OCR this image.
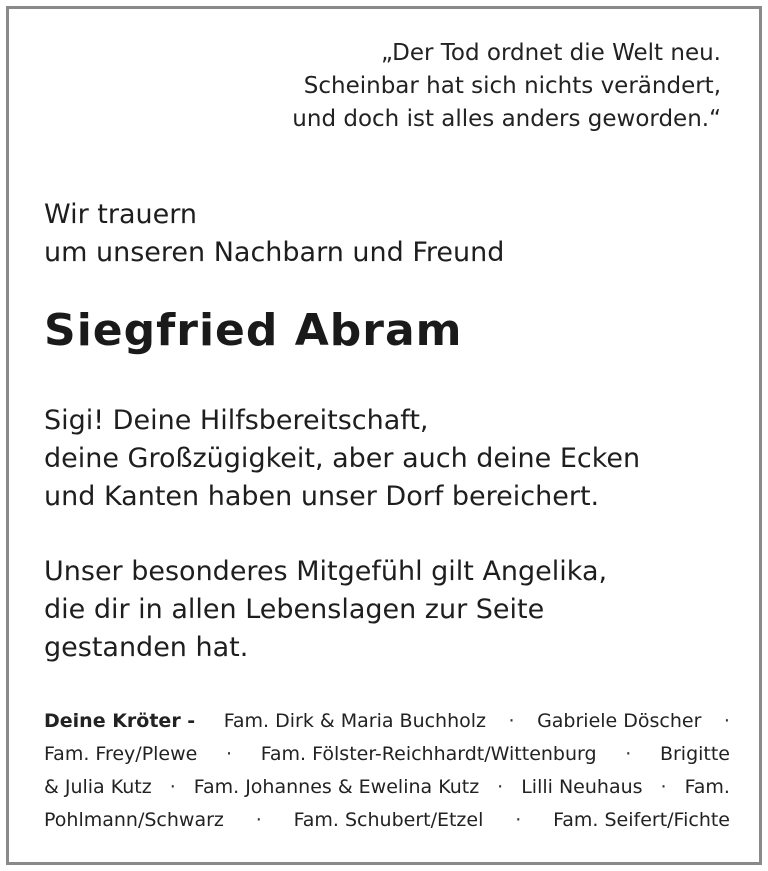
„Der Tod ordnet die Welt neu.
Scheinbar hat sich nichts verändert,
und doch ist alles anders geworden.“
Wir trauern
um unseren Nachbarn und Freund
Siegfried Abram
Sigi! Deine Hilfsbereitschaft,
deine Großzügigkeit, aber auch deine Ecken
und Kanten haben unser Dorf bereichert.
Unser besonderes Mitgefühl gilt Angelika,
die dir in allen Lebenslagen zur Seite
gestanden hat.
Deine Kröter - Fam. Dirk & Maria Buchholz · Gabriele Döscher ·
Fam. Frey/Plewe · Fam. Fölster-Reichhardt/Wittenburg · Brigitte
& Julia Kutz · Fam. Johannes & Ewelina Kutz · Lilli Neuhaus · Fam.
Pohlmann/Schwarz · Fam. Schubert/Etzel · Fam. Seifert/Fichte
